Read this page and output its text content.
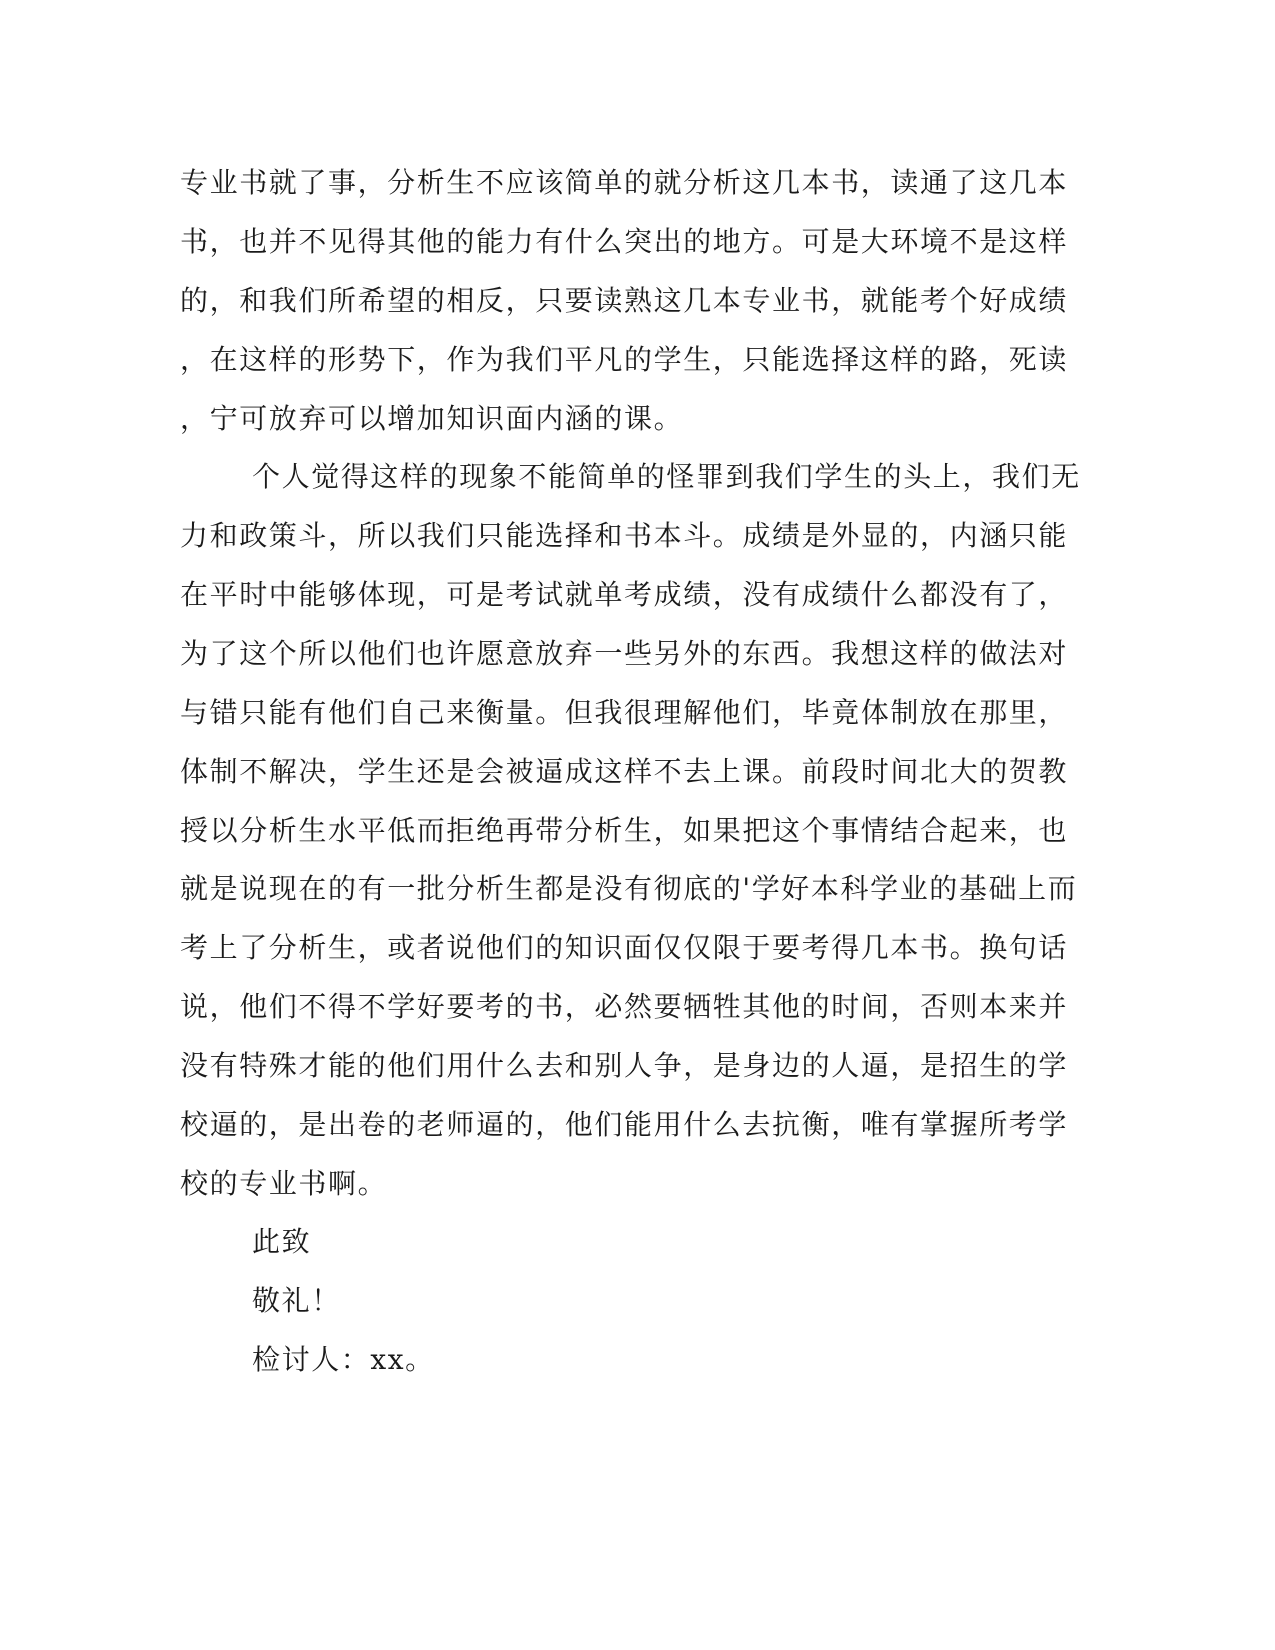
专业书就了事，分析生不应该简单的就分析这几本书，读通了这几本
书，也并不见得其他的能力有什么突出的地方。可是大环境不是这样
的，和我们所希望的相反，只要读熟这几本专业书，就能考个好成绩
，在这样的形势下，作为我们平凡的学生，只能选择这样的路，死读
，宁可放弃可以增加知识面内涵的课。
个人觉得这样的现象不能简单的怪罪到我们学生的头上，我们无
力和政策斗，所以我们只能选择和书本斗。成绩是外显的，内涵只能
在平时中能够体现，可是考试就单考成绩，没有成绩什么都没有了，
为了这个所以他们也许愿意放弃一些另外的东西。我想这样的做法对
与错只能有他们自己来衡量。但我很理解他们，毕竟体制放在那里，
体制不解决，学生还是会被逼成这样不去上课。前段时间北大的贺教
授以分析生水平低而拒绝再带分析生，如果把这个事情结合起来，也
就是说现在的有一批分析生都是没有彻底的'学好本科学业的基础上而
考上了分析生，或者说他们的知识面仅仅限于要考得几本书。换句话
说，他们不得不学好要考的书，必然要牺牲其他的时间，否则本来并
没有特殊才能的他们用什么去和别人争，是身边的人逼，是招生的学
校逼的，是出卷的老师逼的，他们能用什么去抗衡，唯有掌握所考学
校的专业书啊。
此致
敬礼！
检讨人：xx。
